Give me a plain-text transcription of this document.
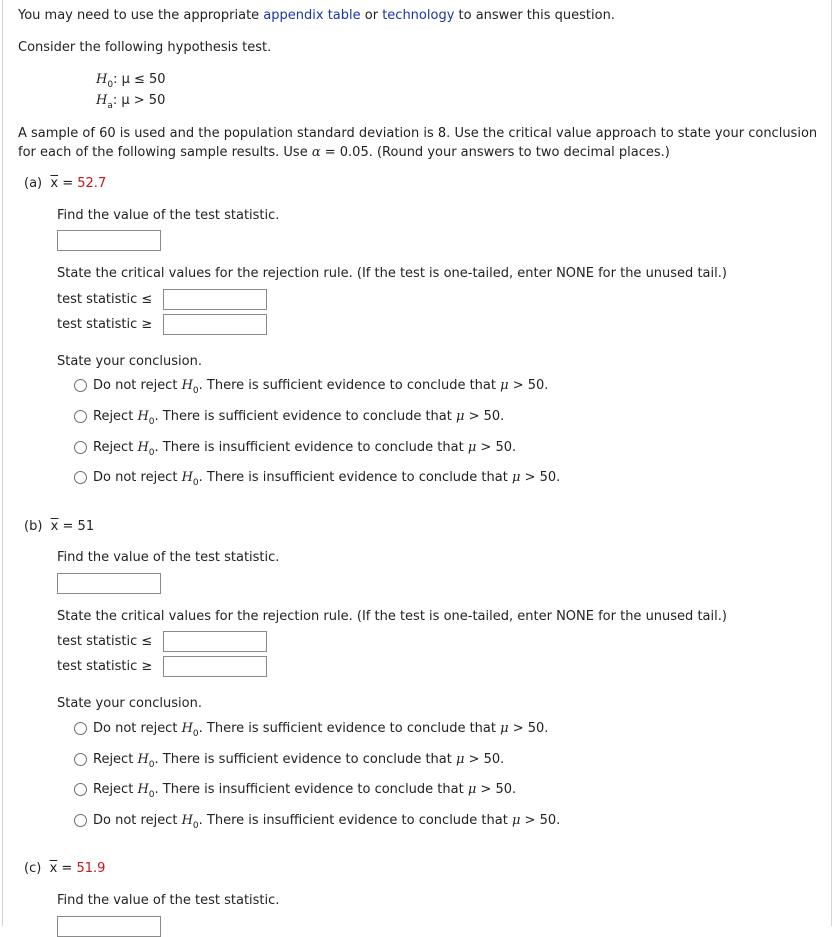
You may need to use the appropriate appendix table or technology to answer this question.
Consider the following hypothesis test.
$H_0$: μ ≤ 50
$H_a$: μ > 50
A sample of 60 is used and the population standard deviation is 8. Use the critical value approach to state your conclusion
for each of the following sample results. Use α = 0.05. (Round your answers to two decimal places.)
(a) $\overline{x} = 52.7$
Find the value of the test statistic.
State the critical values for the rejection rule. (If the test is one-tailed, enter NONE for the unused tail.)
test statistic ≤
test statistic ≥
State your conclusion.
Do not reject $H_0$. There is sufficient evidence to conclude that μ > 50.
Reject $H_0$. There is sufficient evidence to conclude that μ > 50.
Reject $H_0$. There is insufficient evidence to conclude that μ > 50.
Do not reject $H_0$. There is insufficient evidence to conclude that μ > 50.
(b) $\overline{x} = 51$
Find the value of the test statistic.
State the critical values for the rejection rule. (If the test is one-tailed, enter NONE for the unused tail.)
test statistic ≤
test statistic ≥
State your conclusion.
Do not reject $H_0$. There is sufficient evidence to conclude that μ > 50.
Reject $H_0$. There is sufficient evidence to conclude that μ > 50.
Reject $H_0$. There is insufficient evidence to conclude that μ > 50.
Do not reject $H_0$. There is insufficient evidence to conclude that μ > 50.
(c) $\overline{x} = 51.9$
Find the value of the test statistic.
